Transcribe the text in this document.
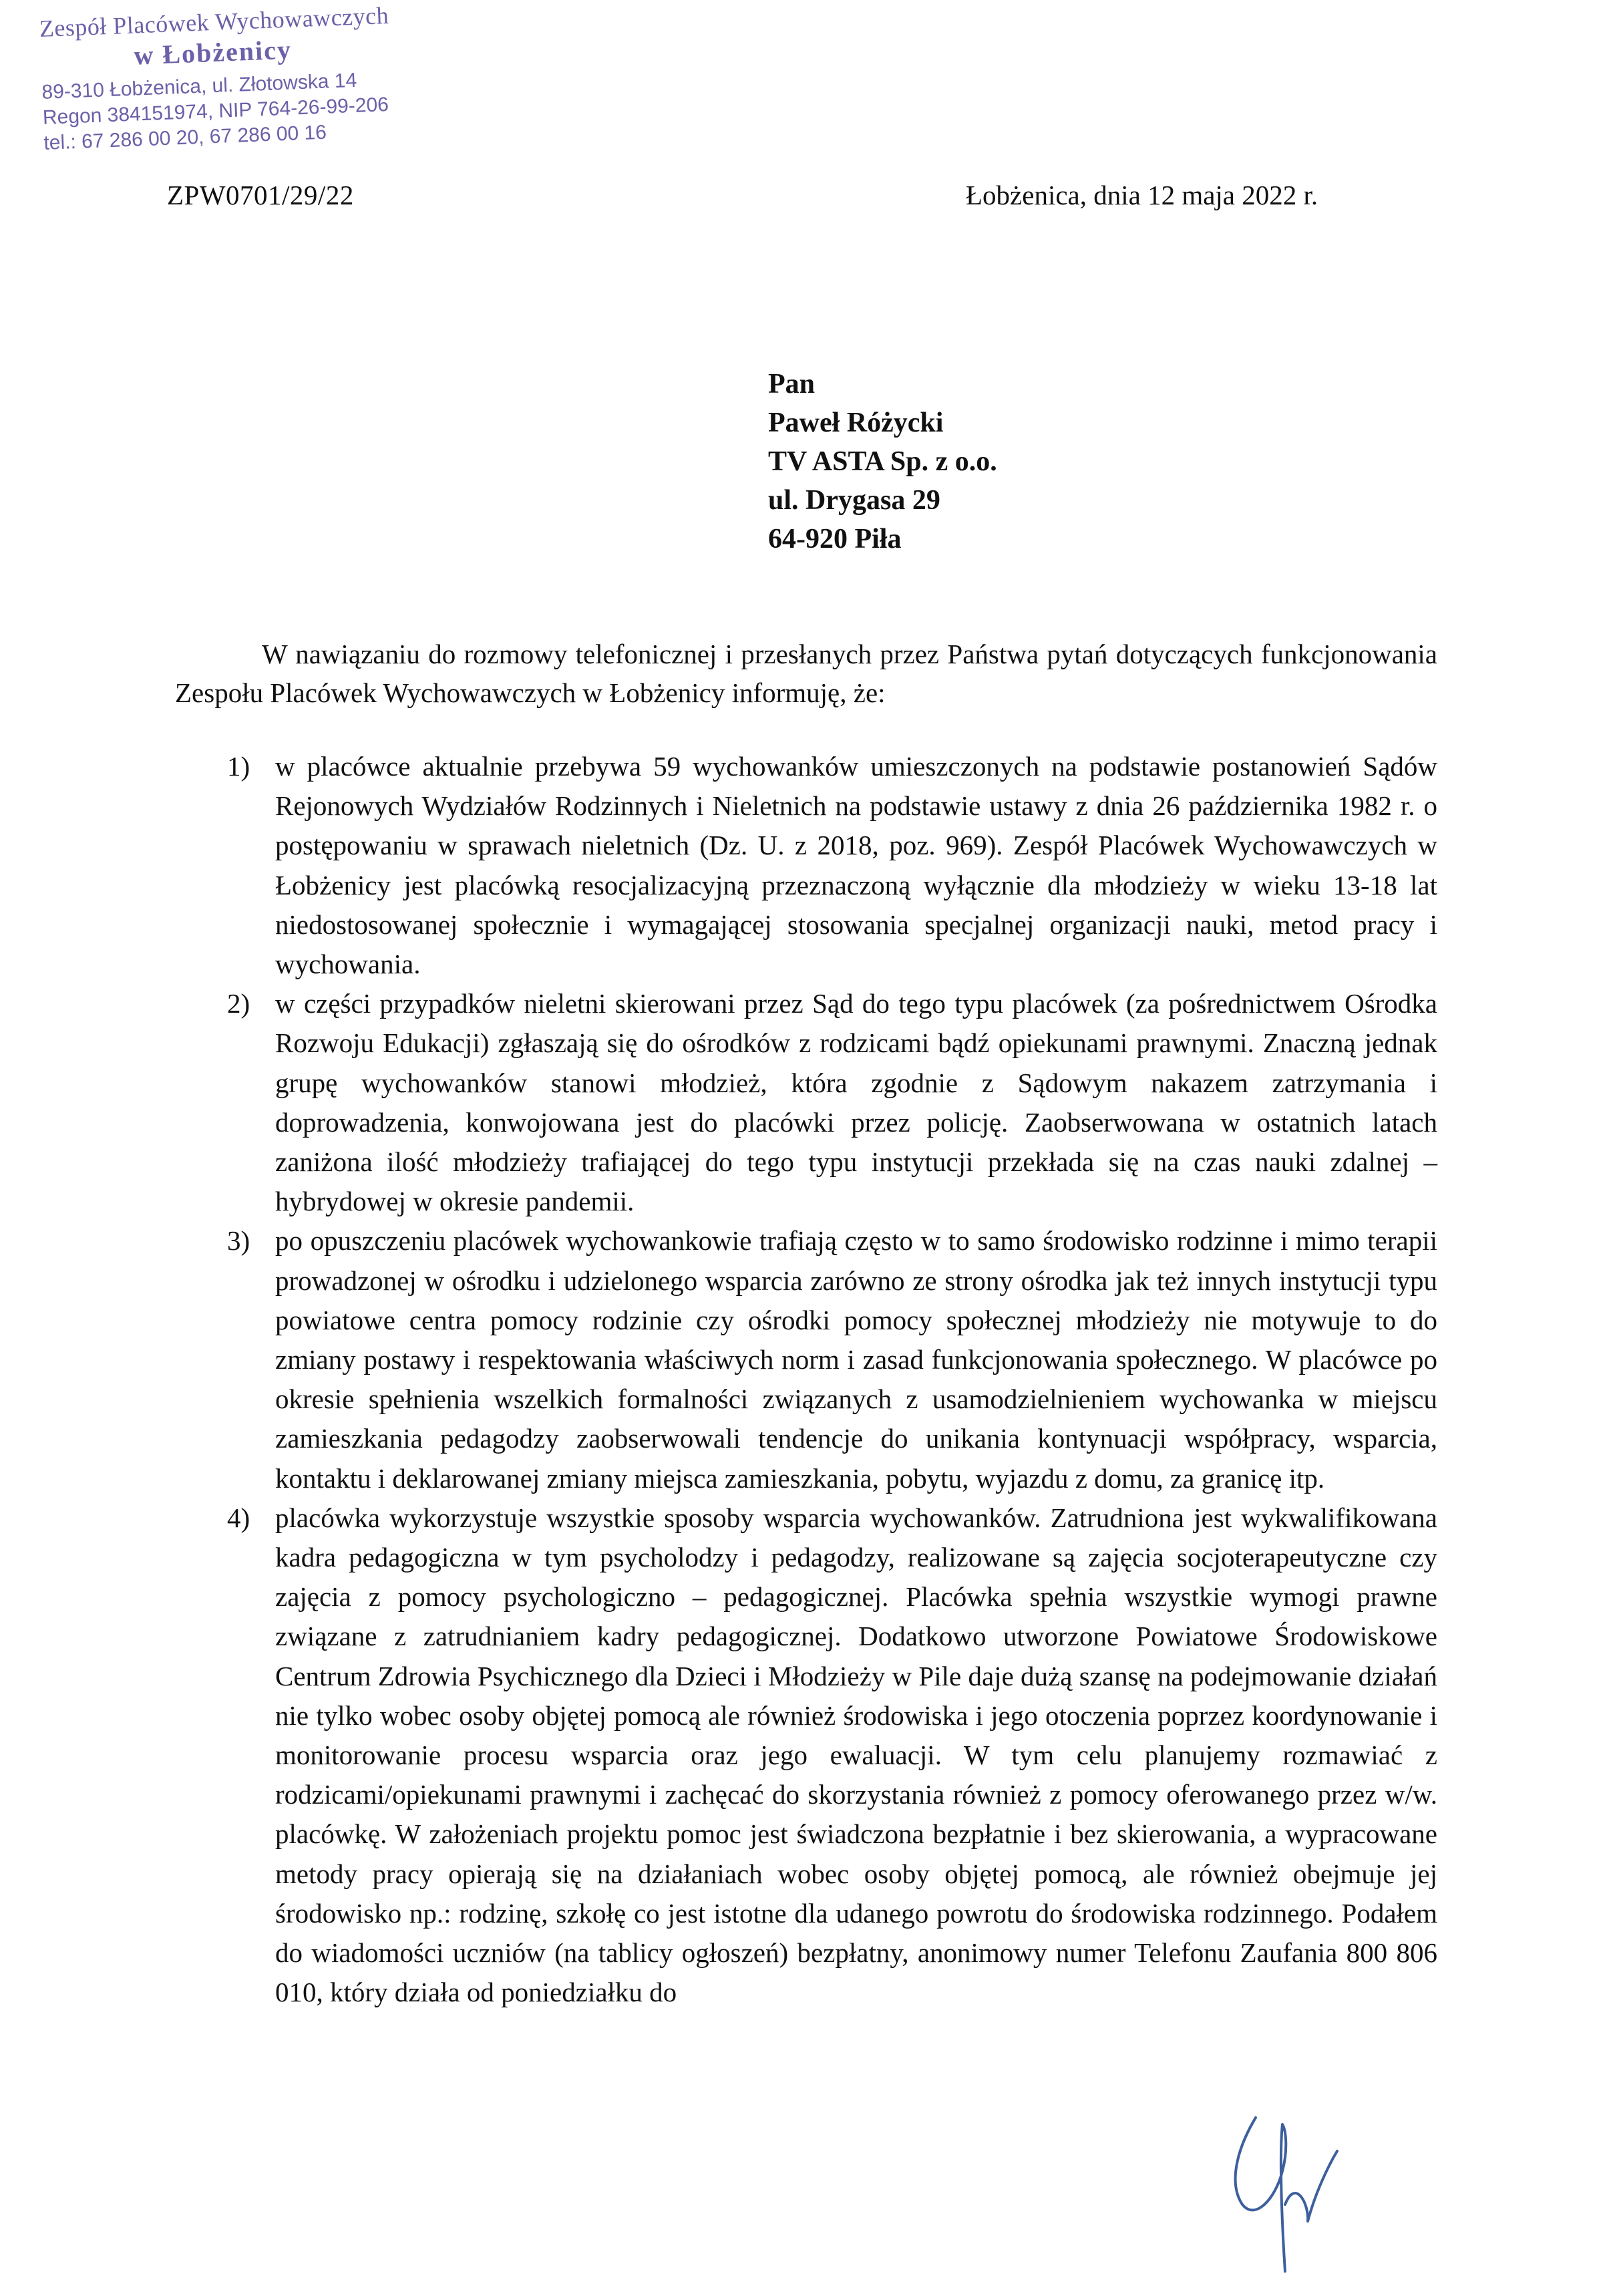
Zespół Placówek Wychowawczych
w Łobżenicy
89-310 Łobżenica, ul. Złotowska 14
Regon 384151974, NIP 764-26-99-206
tel.: 67 286 00 20, 67 286 00 16
ZPW0701/29/22	Łobżenica, dnia 12 maja 2022 r.
Pan
Paweł Różycki
TV ASTA Sp. z o.o.
ul. Drygasa 29
64-920 Piła
W nawiązaniu do rozmowy telefonicznej i przesłanych przez Państwa pytań dotyczących funkcjonowania Zespołu Placówek Wychowawczych w Łobżenicy informuję, że:
1) w placówce aktualnie przebywa 59 wychowanków umieszczonych na podstawie postanowień Sądów Rejonowych Wydziałów Rodzinnych i Nieletnich na podstawie ustawy z dnia 26 października 1982 r. o postępowaniu w sprawach nieletnich (Dz. U. z 2018, poz. 969). Zespół Placówek Wychowawczych w Łobżenicy jest placówką resocjalizacyjną przeznaczoną wyłącznie dla młodzieży w wieku 13-18 lat niedostosowanej społecznie i wymagającej stosowania specjalnej organizacji nauki, metod pracy i wychowania.
2) w części przypadków nieletni skierowani przez Sąd do tego typu placówek (za pośrednictwem Ośrodka Rozwoju Edukacji) zgłaszają się do ośrodków z rodzicami bądź opiekunami prawnymi. Znaczną jednak grupę wychowanków stanowi młodzież, która zgodnie z Sądowym nakazem zatrzymania i doprowadzenia, konwojowana jest do placówki przez policję. Zaobserwowana w ostatnich latach zaniżona ilość młodzieży trafiającej do tego typu instytucji przekłada się na czas nauki zdalnej – hybrydowej w okresie pandemii.
3) po opuszczeniu placówek wychowankowie trafiają często w to samo środowisko rodzinne i mimo terapii prowadzonej w ośrodku i udzielonego wsparcia zarówno ze strony ośrodka jak też innych instytucji typu powiatowe centra pomocy rodzinie czy ośrodki pomocy społecznej młodzieży nie motywuje to do zmiany postawy i respektowania właściwych norm i zasad funkcjonowania społecznego. W placówce po okresie spełnienia wszelkich formalności związanych z usamodzielnieniem wychowanka w miejscu zamieszkania pedagodzy zaobserwowali tendencje do unikania kontynuacji współpracy, wsparcia, kontaktu i deklarowanej zmiany miejsca zamieszkania, pobytu, wyjazdu z domu, za granicę itp.
4) placówka wykorzystuje wszystkie sposoby wsparcia wychowanków. Zatrudniona jest wykwalifikowana kadra pedagogiczna w tym psycholodzy i pedagodzy, realizowane są zajęcia socjoterapeutyczne czy zajęcia z pomocy psychologiczno – pedagogicznej. Placówka spełnia wszystkie wymogi prawne związane z zatrudnianiem kadry pedagogicznej. Dodatkowo utworzone Powiatowe Środowiskowe Centrum Zdrowia Psychicznego dla Dzieci i Młodzieży w Pile daje dużą szansę na podejmowanie działań nie tylko wobec osoby objętej pomocą ale również środowiska i jego otoczenia poprzez koordynowanie i monitorowanie procesu wsparcia oraz jego ewaluacji. W tym celu planujemy rozmawiać z rodzicami/opiekunami prawnymi i zachęcać do skorzystania również z pomocy oferowanego przez w/w. placówkę. W założeniach projektu pomoc jest świadczona bezpłatnie i bez skierowania, a wypracowane metody pracy opierają się na działaniach wobec osoby objętej pomocą, ale również obejmuje jej środowisko np.: rodzinę, szkołę co jest istotne dla udanego powrotu do środowiska rodzinnego. Podałem do wiadomości uczniów (na tablicy ogłoszeń) bezpłatny, anonimowy numer Telefonu Zaufania 800 806 010, który działa od poniedziałku do
